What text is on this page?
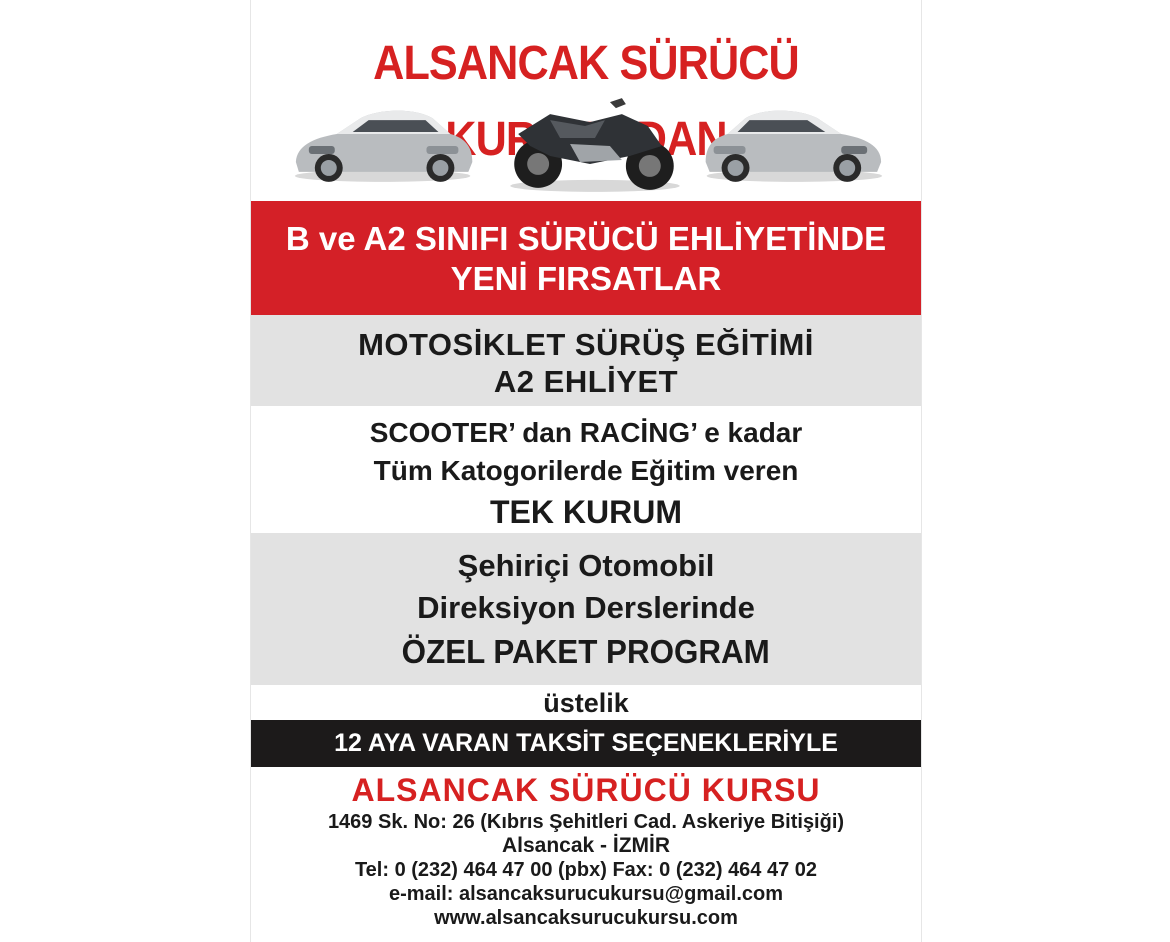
ALSANCAK SÜRÜCÜ
B ve A2 SINIFI SÜRÜCÜ EHLİYETİNDE
YENİ FIRSATLAR
MOTOSİKLET SÜRÜŞ EĞİTİMİ
A2 EHLİYET
SCOOTER’ dan RACİNG’ e kadar
Tüm Katogorilerde Eğitim veren
TEK KURUM
Şehiriçi Otomobil
Direksiyon Derslerinde
ÖZEL PAKET PROGRAM
üstelik
12 AYA VARAN TAKSİT SEÇENEKLERİYLE
ALSANCAK SÜRÜCÜ KURSU
1469 Sk. No: 26 (Kıbrıs Şehitleri Cad. Askeriye Bitişiği)
Alsancak - İZMİR
Tel: 0 (232) 464 47 00 (pbx) Fax: 0 (232) 464 47 02
e-mail: alsancaksurucukursu@gmail.com
www.alsancaksurucukursu.com
